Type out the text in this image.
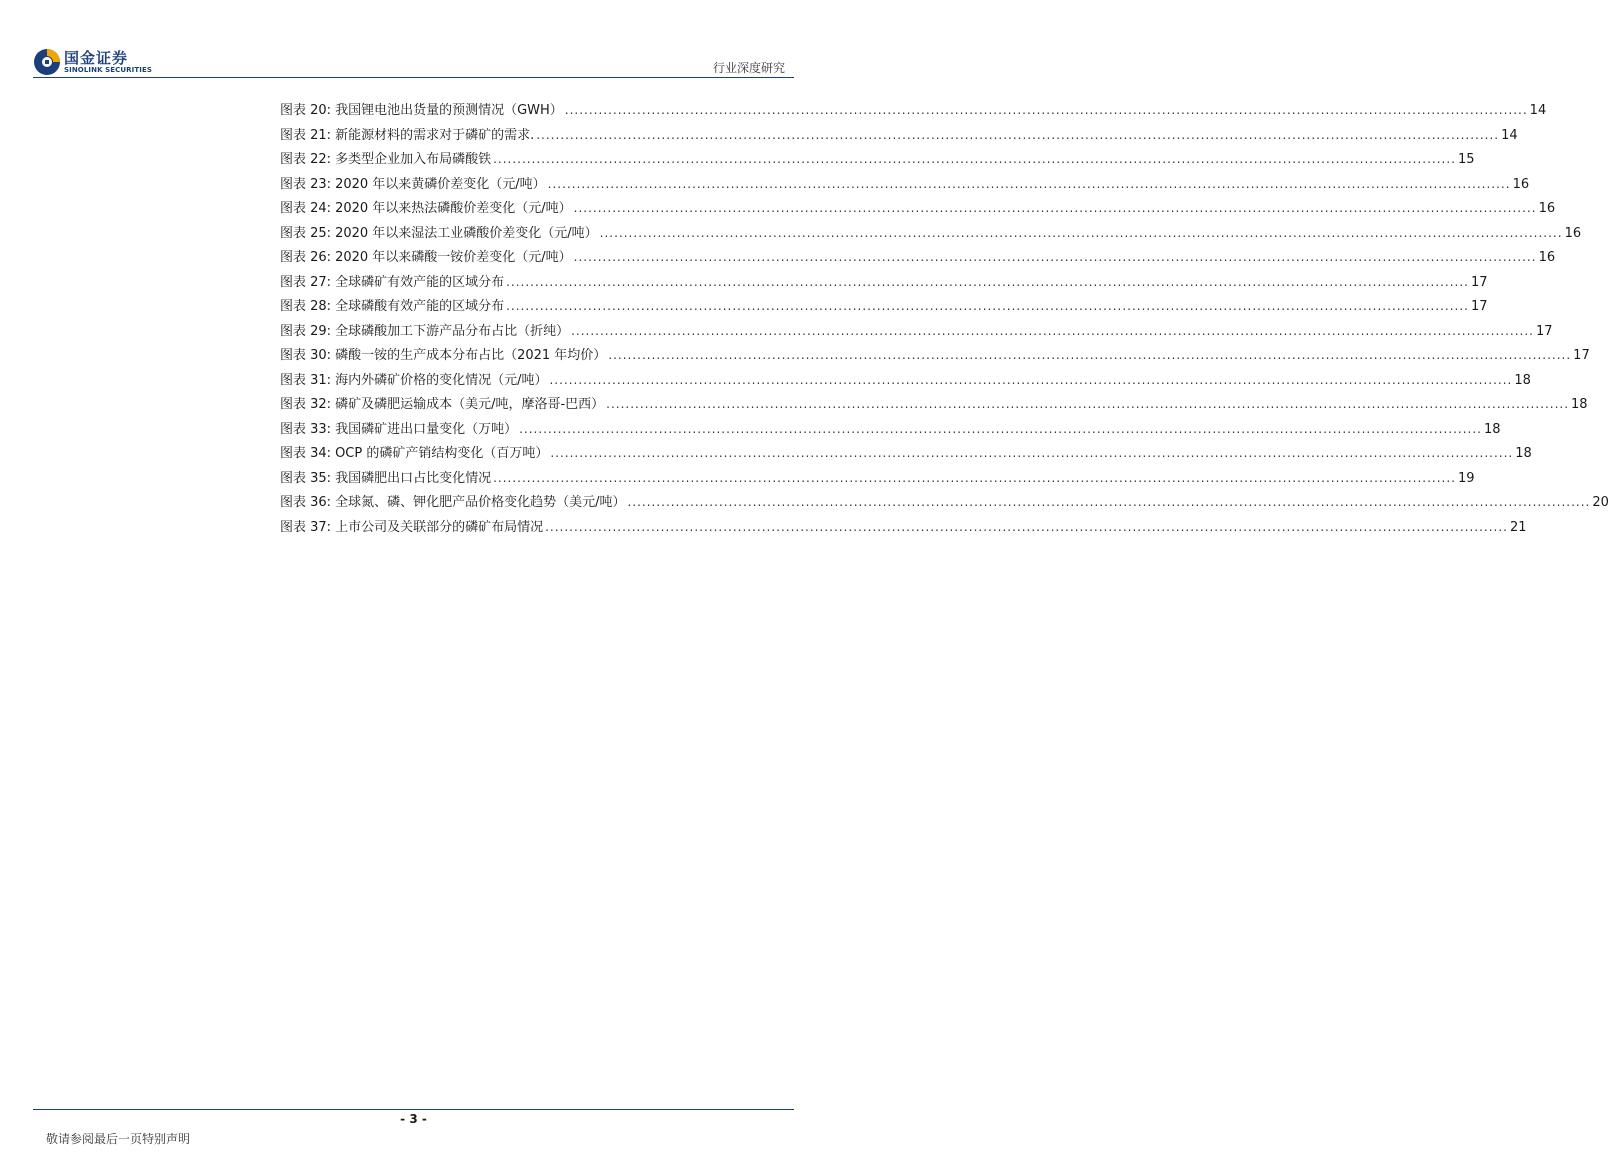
国金证券
SINOLINK SECURITIES	行业深度研究
图表 20: 我国锂电池出货量的预测情况（GWH） ........................................................................................................................................................................................................ 14
图表 21: 新能源材料的需求对于磷矿的需求. ........................................................................................................................................................................................................ 14
图表 22: 多类型企业加入布局磷酸铁 ........................................................................................................................................................................................................ 15
图表 23: 2020 年以来黄磷价差变化（元/吨） ........................................................................................................................................................................................................ 16
图表 24: 2020 年以来热法磷酸价差变化（元/吨） ........................................................................................................................................................................................................ 16
图表 25: 2020 年以来湿法工业磷酸价差变化（元/吨） ........................................................................................................................................................................................................ 16
图表 26: 2020 年以来磷酸一铵价差变化（元/吨） ........................................................................................................................................................................................................ 16
图表 27: 全球磷矿有效产能的区域分布 ........................................................................................................................................................................................................ 17
图表 28: 全球磷酸有效产能的区域分布 ........................................................................................................................................................................................................ 17
图表 29: 全球磷酸加工下游产品分布占比（折纯） ........................................................................................................................................................................................................ 17
图表 30: 磷酸一铵的生产成本分布占比（2021 年均价） ........................................................................................................................................................................................................ 17
图表 31: 海内外磷矿价格的变化情况（元/吨） ........................................................................................................................................................................................................ 18
图表 32: 磷矿及磷肥运输成本（美元/吨，摩洛哥-巴西） ........................................................................................................................................................................................................ 18
图表 33: 我国磷矿进出口量变化（万吨） ........................................................................................................................................................................................................ 18
图表 34: OCP 的磷矿产销结构变化（百万吨） ........................................................................................................................................................................................................ 18
图表 35: 我国磷肥出口占比变化情况 ........................................................................................................................................................................................................ 19
图表 36: 全球氮、磷、钾化肥产品价格变化趋势（美元/吨） ........................................................................................................................................................................................................ 20
图表 37: 上市公司及关联部分的磷矿布局情况 ........................................................................................................................................................................................................ 21
- 3 -
敬请参阅最后一页特别声明
